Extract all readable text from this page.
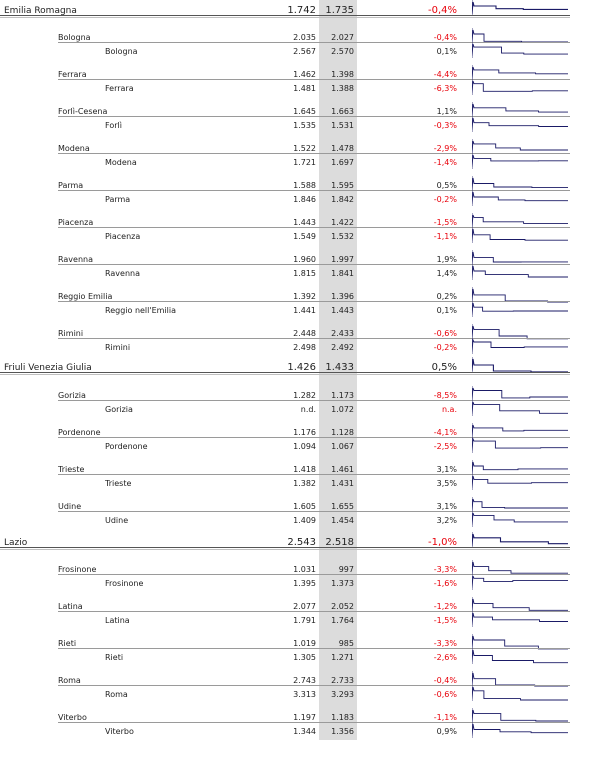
Emilia Romagna	1.742 1.735	-0,4%
Bologna	2.035	2.027	-0,4%
Bologna	2.567	2.570	0,1%
Ferrara	1.462	1.398	-4,4%
Ferrara	1.481	1.388	-6,3%
Forlì-Cesena	1.645	1.663	1,1%
Forlì	1.535	1.531	-0,3%
Modena	1.522	1.478	-2,9%
Modena	1.721	1.697	-1,4%
Parma	1.588	1.595	0,5%
Parma	1.846	1.842	-0,2%
Piacenza	1.443	1.422	-1,5%
Piacenza	1.549	1.532	-1,1%
Ravenna	1.960	1.997	1,9%
Ravenna	1.815	1.841	1,4%
Reggio Emilia	1.392	1.396	0,2%
Reggio nell'Emilia	1.441	1.443	0,1%
Rimini	2.448	2.433	-0,6%
Rimini	2.498	2.492	-0,2%
Friuli Venezia Giulia	1.426 1.433	0,5%
Gorizia	1.282	1.173	-8,5%
Gorizia	n.d.	1.072	n.a.
Pordenone	1.176	1.128	-4,1%
Pordenone	1.094	1.067	-2,5%
Trieste	1.418	1.461	3,1%
Trieste	1.382	1.431	3,5%
Udine	1.605	1.655	3,1%
Udine	1.409	1.454	3,2%
Lazio	2.543 2.518	-1,0%
Frosinone	1.031	997	-3,3%
Frosinone	1.395	1.373	-1,6%
Latina	2.077	2.052	-1,2%
Latina	1.791	1.764	-1,5%
Rieti	1.019	985	-3,3%
Rieti	1.305	1.271	-2,6%
Roma	2.743	2.733	-0,4%
Roma	3.313	3.293	-0,6%
Viterbo	1.197	1.183	-1,1%
Viterbo	1.344	1.356	0,9%
